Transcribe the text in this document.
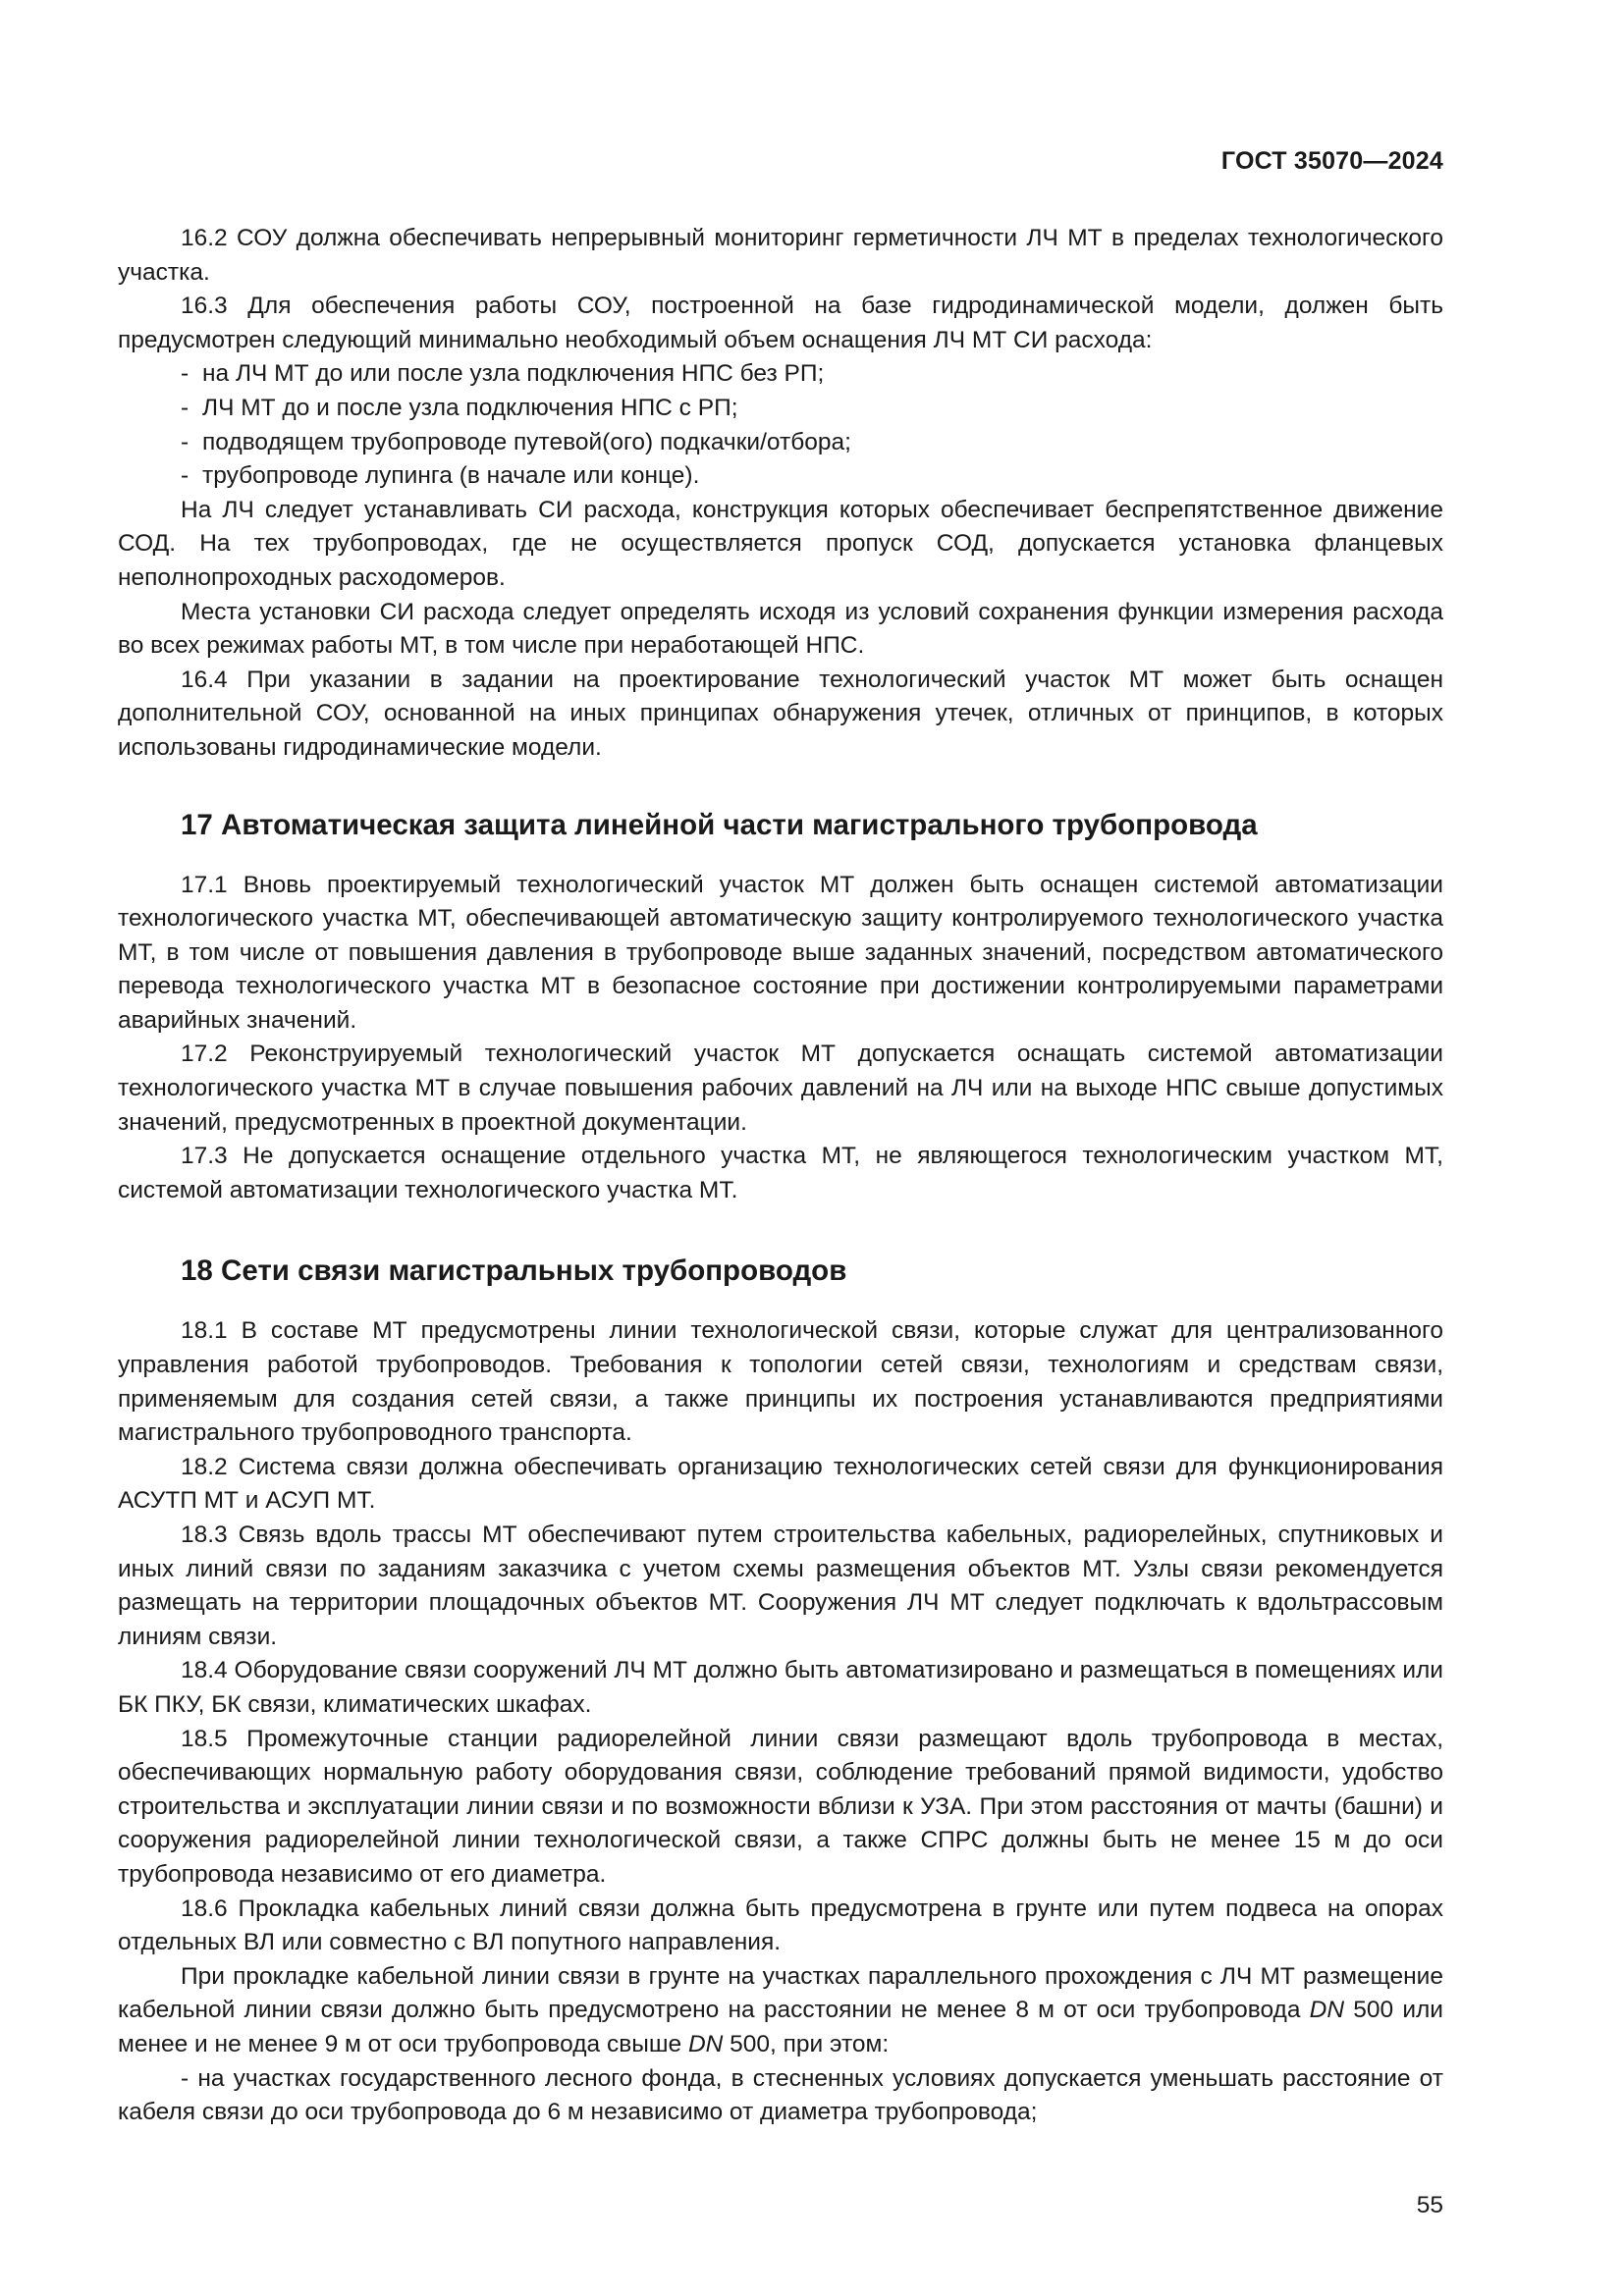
ГОСТ 35070—2024

16.2 СОУ должна обеспечивать непрерывный мониторинг герметичности ЛЧ МТ в пределах технологического участка.

16.3 Для обеспечения работы СОУ, построенной на базе гидродинамической модели, должен быть предусмотрен следующий минимально необходимый объем оснащения ЛЧ МТ СИ расхода:

- на ЛЧ МТ до или после узла подключения НПС без РП;

- ЛЧ МТ до и после узла подключения НПС с РП;

- подводящем трубопроводе путевой(ого) подкачки/отбора;

- трубопроводе лупинга (в начале или конце).

На ЛЧ следует устанавливать СИ расхода, конструкция которых обеспечивает беспрепятственное движение СОД. На тех трубопроводах, где не осуществляется пропуск СОД, допускается установка фланцевых неполнопроходных расходомеров.

Места установки СИ расхода следует определять исходя из условий сохранения функции измерения расхода во всех режимах работы МТ, в том числе при неработающей НПС.

16.4 При указании в задании на проектирование технологический участок МТ может быть оснащен дополнительной СОУ, основанной на иных принципах обнаружения утечек, отличных от принципов, в которых использованы гидродинамические модели.

17 Автоматическая защита линейной части магистрального трубопровода

17.1 Вновь проектируемый технологический участок МТ должен быть оснащен системой автоматизации технологического участка МТ, обеспечивающей автоматическую защиту контролируемого технологического участка МТ, в том числе от повышения давления в трубопроводе выше заданных значений, посредством автоматического перевода технологического участка МТ в безопасное состояние при достижении контролируемыми параметрами аварийных значений.

17.2 Реконструируемый технологический участок МТ допускается оснащать системой автоматизации технологического участка МТ в случае повышения рабочих давлений на ЛЧ или на выходе НПС свыше допустимых значений, предусмотренных в проектной документации.

17.3 Не допускается оснащение отдельного участка МТ, не являющегося технологическим участком МТ, системой автоматизации технологического участка МТ.

18 Сети связи магистральных трубопроводов

18.1 В составе МТ предусмотрены линии технологической связи, которые служат для централизованного управления работой трубопроводов. Требования к топологии сетей связи, технологиям и средствам связи, применяемым для создания сетей связи, а также принципы их построения устанавливаются предприятиями магистрального трубопроводного транспорта.

18.2 Система связи должна обеспечивать организацию технологических сетей связи для функционирования АСУТП МТ и АСУП МТ.

18.3 Связь вдоль трассы МТ обеспечивают путем строительства кабельных, радиорелейных, спутниковых и иных линий связи по заданиям заказчика с учетом схемы размещения объектов МТ. Узлы связи рекомендуется размещать на территории площадочных объектов МТ. Сооружения ЛЧ МТ следует подключать к вдольтрассовым линиям связи.

18.4 Оборудование связи сооружений ЛЧ МТ должно быть автоматизировано и размещаться в помещениях или БК ПКУ, БК связи, климатических шкафах.

18.5 Промежуточные станции радиорелейной линии связи размещают вдоль трубопровода в местах, обеспечивающих нормальную работу оборудования связи, соблюдение требований прямой видимости, удобство строительства и эксплуатации линии связи и по возможности вблизи к УЗА. При этом расстояния от мачты (башни) и сооружения радиорелейной линии технологической связи, а также СПРС должны быть не менее 15 м до оси трубопровода независимо от его диаметра.

18.6 Прокладка кабельных линий связи должна быть предусмотрена в грунте или путем подвеса на опорах отдельных ВЛ или совместно с ВЛ попутного направления.

При прокладке кабельной линии связи в грунте на участках параллельного прохождения с ЛЧ МТ размещение кабельной линии связи должно быть предусмотрено на расстоянии не менее 8 м от оси трубопровода DN 500 или менее и не менее 9 м от оси трубопровода свыше DN 500, при этом:

- на участках государственного лесного фонда, в стесненных условиях допускается уменьшать расстояние от кабеля связи до оси трубопровода до 6 м независимо от диаметра трубопровода;

55
